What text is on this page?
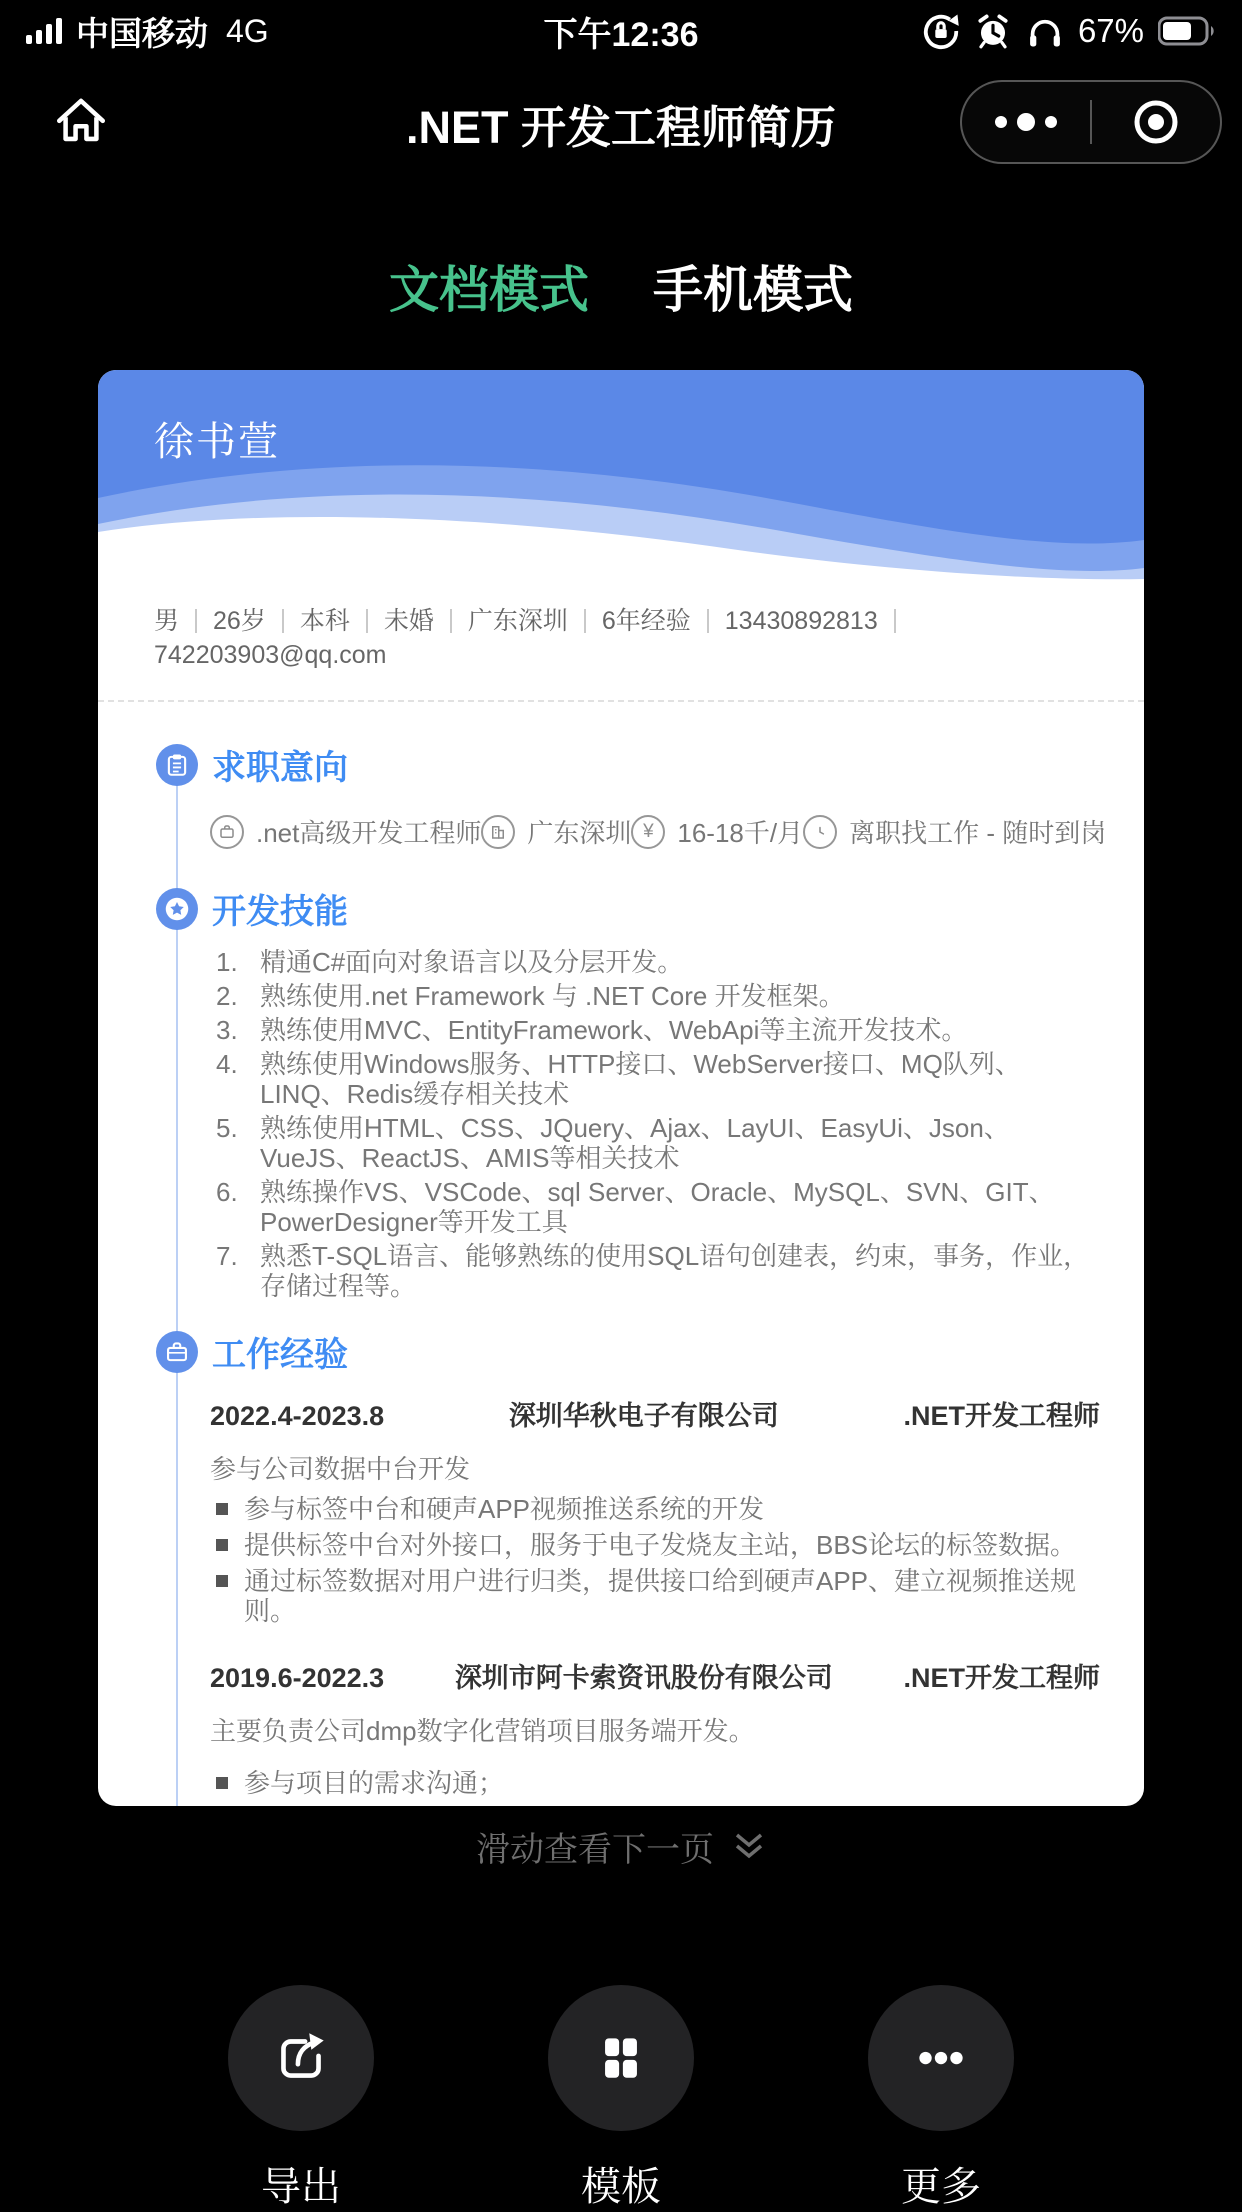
中国移动 4G	下午12:36	67%
.NET 开发工程师简历
文档模式 手机模式
徐书萱
男 26岁 本科 未婚 广东深圳 6年经验 13430892813742203903@qq.com
求职意向
.net高级开发工程师 广东深圳 ¥ 16-18千/月 离职找工作 - 随时到岗
开发技能
精通C#面向对象语言以及分层开发。
熟练使用.net Framework 与 .NET Core 开发框架。
熟练使用MVC、EntityFramework、WebApi等主流开发技术。
熟练使用Windows服务、HTTP接口、WebServer接口、MQ队列、LINQ、Redis缓存相关技术
熟练使用HTML、CSS、JQuery、Ajax、LayUI、EasyUi、Json、VueJS、ReactJS、AMIS等相关技术
熟练操作VS、VSCode、sql Server、Oracle、MySQL、SVN、GIT、PowerDesigner等开发工具
熟悉T-SQL语言、能够熟练的使用SQL语句创建表，约束，事务，作业，存储过程等。
工作经验
2022.4-2023.8	深圳华秋电子有限公司	.NET开发工程师
参与公司数据中台开发
参与标签中台和硬声APP视频推送系统的开发
提供标签中台对外接口，服务于电子发烧友主站，BBS论坛的标签数据。
通过标签数据对用户进行归类，提供接口给到硬声APP、建立视频推送规则。
2019.6-2022.3	深圳市阿卡索资讯股份有限公司	.NET开发工程师
主要负责公司dmp数字化营销项目服务端开发。
参与项目的需求沟通；
滑动查看下一页
导出	模板	更多
